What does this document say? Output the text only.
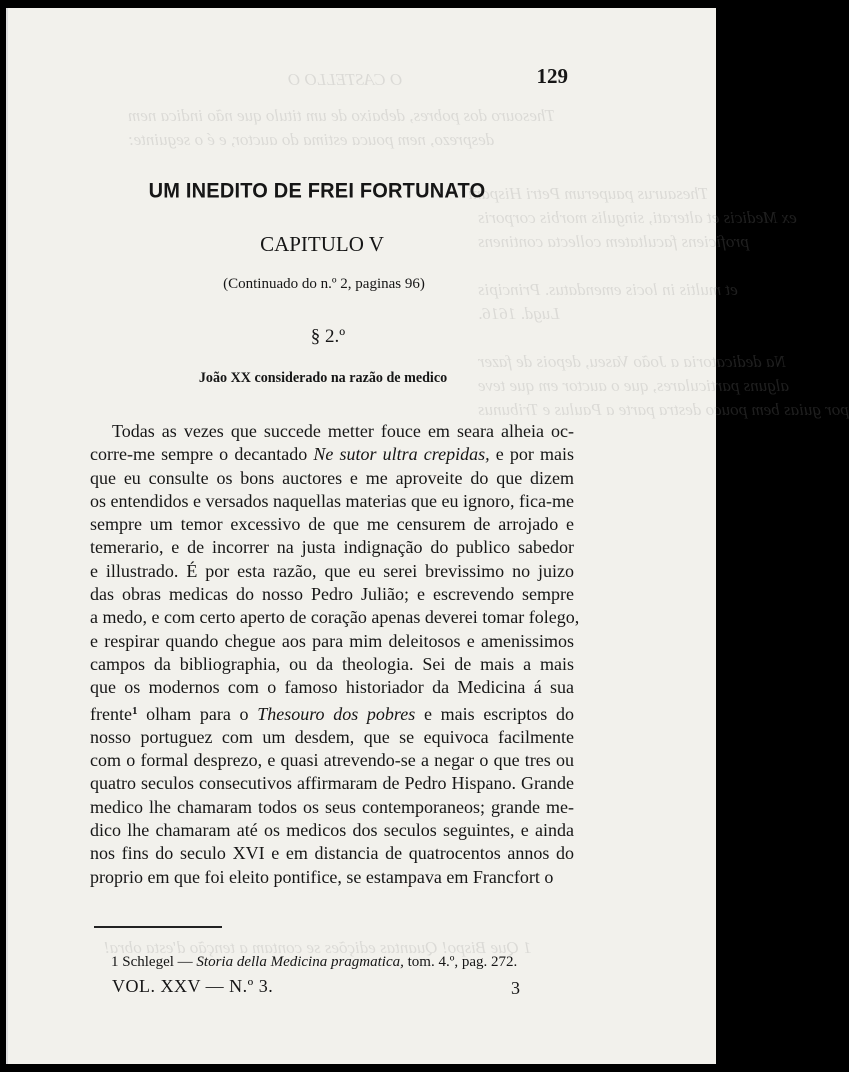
O CASTELLO O
Thesouro dos pobres, debaixo de um titulo que não indica nem
desprezo, nem pouca estima do auctor, e é o seguinte:
Thesaurus pauperum Petri Hispani
ex Medicis et alterati, singulis morbis corporis
proficiens facultatem collecta continens
et multis in locis emendatus. Principis
Lugd. 1616.
Na dedicatoria a João Vaseu, depois de fazer
alguns particulares, que o auctor em que teve
por guias bem pouco destra parte a Paulus e Tribunus
1 Que Bispo! Quantas edições se contam a tenção d'esta obra!
129
UM INEDITO DE FREI FORTUNATO
CAPITULO V
(Continuado do n.º 2, paginas 96)
§ 2.º
João XX considerado na razão de medico
Todas as vezes que succede metter fouce em seara alheia oc-
corre-me sempre o decantado Ne sutor ultra crepidas, e por mais
que eu consulte os bons auctores e me aproveite do que dizem
os entendidos e versados naquellas materias que eu ignoro, fica-me
sempre um temor excessivo de que me censurem de arrojado e
temerario, e de incorrer na justa indignação do publico sabedor
e illustrado. É por esta razão, que eu serei brevissimo no juizo
das obras medicas do nosso Pedro Julião; e escrevendo sempre
a medo, e com certo aperto de coração apenas deverei tomar folego,
e respirar quando chegue aos para mim deleitosos e amenissimos
campos da bibliographia, ou da theologia. Sei de mais a mais
que os modernos com o famoso historiador da Medicina á sua
frente$^1$ olham para o Thesouro dos pobres e mais escriptos do
nosso portuguez com um desdem, que se equivoca facilmente
com o formal desprezo, e quasi atrevendo-se a negar o que tres ou
quatro seculos consecutivos affirmaram de Pedro Hispano. Grande
medico lhe chamaram todos os seus contemporaneos; grande me-
dico lhe chamaram até os medicos dos seculos seguintes, e ainda
nos fins do seculo XVI e em distancia de quatrocentos annos do
proprio em que foi eleito pontifice, se estampava em Francfort o
1 Schlegel — Storia della Medicina pragmatica, tom. 4.º, pag. 272.
VOL. XXV — N.º 3.	3
